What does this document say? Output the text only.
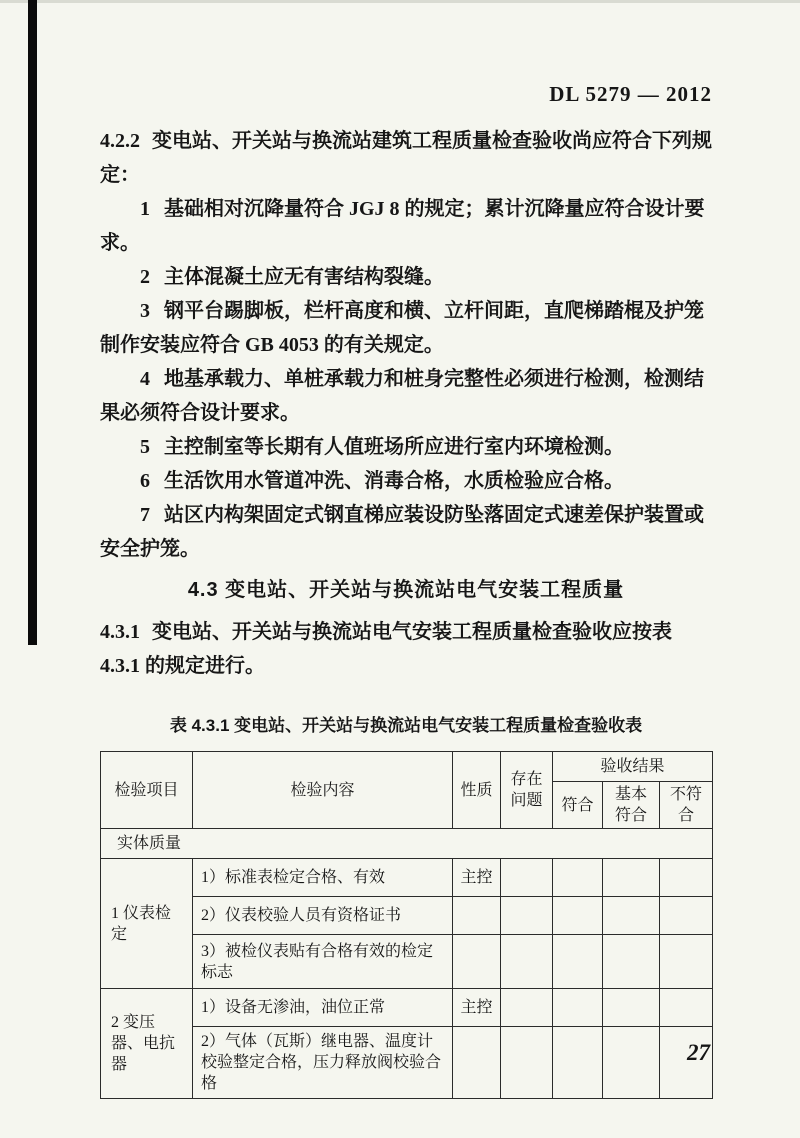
DL 5279 — 2012

4.2.2 变电站、开关站与换流站建筑工程质量检查验收尚应符合下列规定：

1 基础相对沉降量符合 JGJ 8 的规定；累计沉降量应符合设计要求。

2 主体混凝土应无有害结构裂缝。

3 钢平台踢脚板，栏杆高度和横、立杆间距，直爬梯踏棍及护笼制作安装应符合 GB 4053 的有关规定。

4 地基承载力、单桩承载力和桩身完整性必须进行检测，检测结果必须符合设计要求。

5 主控制室等长期有人值班场所应进行室内环境检测。

6 生活饮用水管道冲洗、消毒合格，水质检验应合格。

7 站区内构架固定式钢直梯应装设防坠落固定式速差保护装置或安全护笼。

4.3 变电站、开关站与换流站电气安装工程质量

4.3.1 变电站、开关站与换流站电气安装工程质量检查验收应按表 4.3.1 的规定进行。

表 4.3.1 变电站、开关站与换流站电气安装工程质量检查验收表
检验项目	检验内容	性质	存在问题	验收结果		
				符合	基本符合	不符合
实体质量						
1 仪表检定	1）标准表检定合格、有效	主控				
	2）仪表校验人员有资格证书					
	3）被检仪表贴有合格有效的检定标志					
2 变压器、电抗器	1）设备无渗油，油位正常	主控				
	2）气体（瓦斯）继电器、温度计校验整定合格，压力释放阀校验合格					
27
